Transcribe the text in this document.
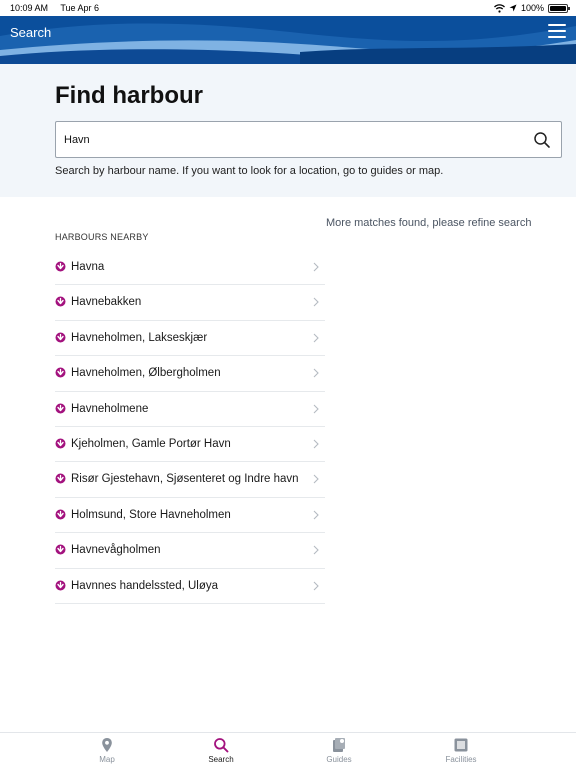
10:09 AM Tue Apr 6	100%
Search
Find harbour
Havn
Search by harbour name. If you want to look for a location, go to guides or map.
More matches found, please refine search
HARBOURS NEARBY
Havna
Havnebakken
Havneholmen, Lakseskjær
Havneholmen, Ølbergholmen
Havneholmene
Kjeholmen, Gamle Portør Havn
Risør Gjestehavn, Sjøsenteret og Indre havn
Holmsund, Store Havneholmen
Havnevågholmen
Havnnes handelssted, Uløya
Map	Search	Guides	Facilities
